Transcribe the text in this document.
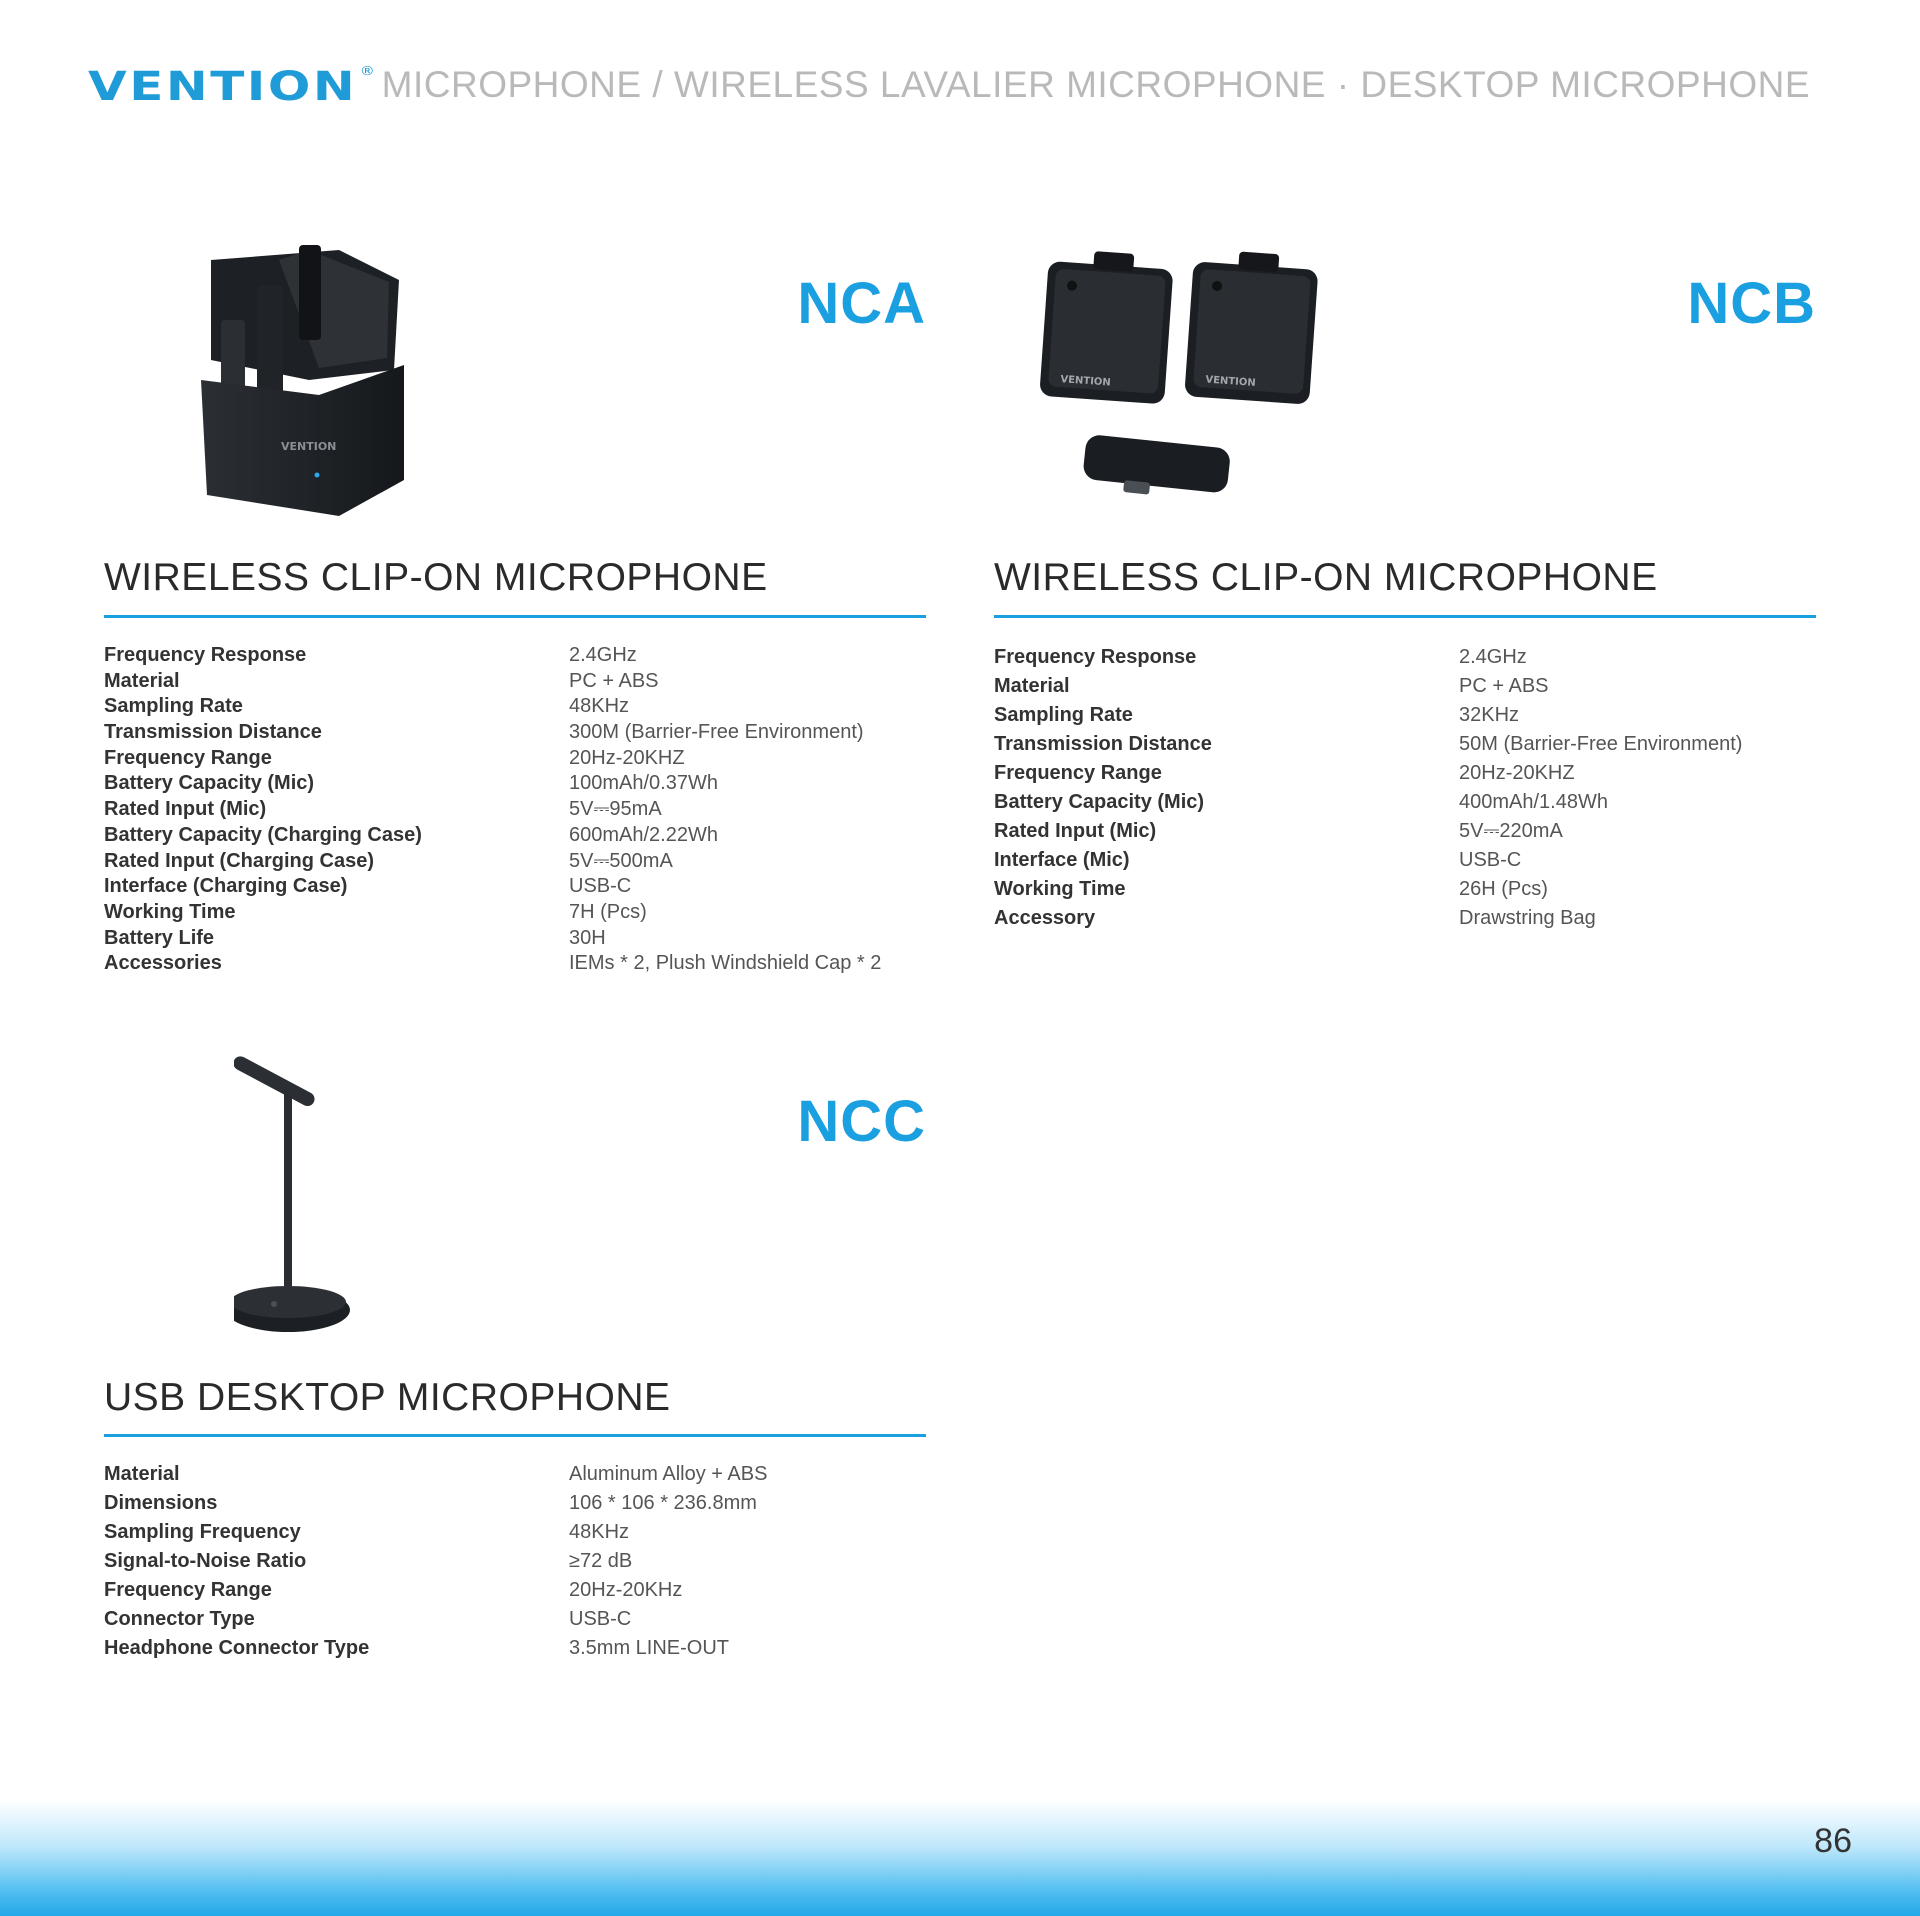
VENTION ® MICROPHONE / WIRELESS LAVALIER MICROPHONE · DESKTOP MICROPHONE
NCA
VENTION
WIRELESS CLIP-ON MICROPHONE
Frequency Response	2.4GHz
Material	PC + ABS
Sampling Rate	48KHz
Transmission Distance	300M (Barrier-Free Environment)
Frequency Range	20Hz-20KHZ
Battery Capacity (Mic)	100mAh/0.37Wh
Rated Input (Mic)	5V⎓95mA
Battery Capacity (Charging Case)	600mAh/2.22Wh
Rated Input (Charging Case)	5V⎓500mA
Interface (Charging Case)	USB-C
Working Time	7H (Pcs)
Battery Life	30H
Accessories	IEMs * 2, Plush Windshield Cap * 2
NCB
VENTION	VENTION
WIRELESS CLIP-ON MICROPHONE
Frequency Response	2.4GHz
Material	PC + ABS
Sampling Rate	32KHz
Transmission Distance	50M (Barrier-Free Environment)
Frequency Range	20Hz-20KHZ
Battery Capacity (Mic)	400mAh/1.48Wh
Rated Input (Mic)	5V⎓220mA
Interface (Mic)	USB-C
Working Time	26H (Pcs)
Accessory	Drawstring Bag
NCC
USB DESKTOP MICROPHONE
Material	Aluminum Alloy + ABS
Dimensions	106 * 106 * 236.8mm
Sampling Frequency	48KHz
Signal-to-Noise Ratio	≥72 dB
Frequency Range	20Hz-20KHz
Connector Type	USB-C
Headphone Connector Type	3.5mm LINE-OUT
86
